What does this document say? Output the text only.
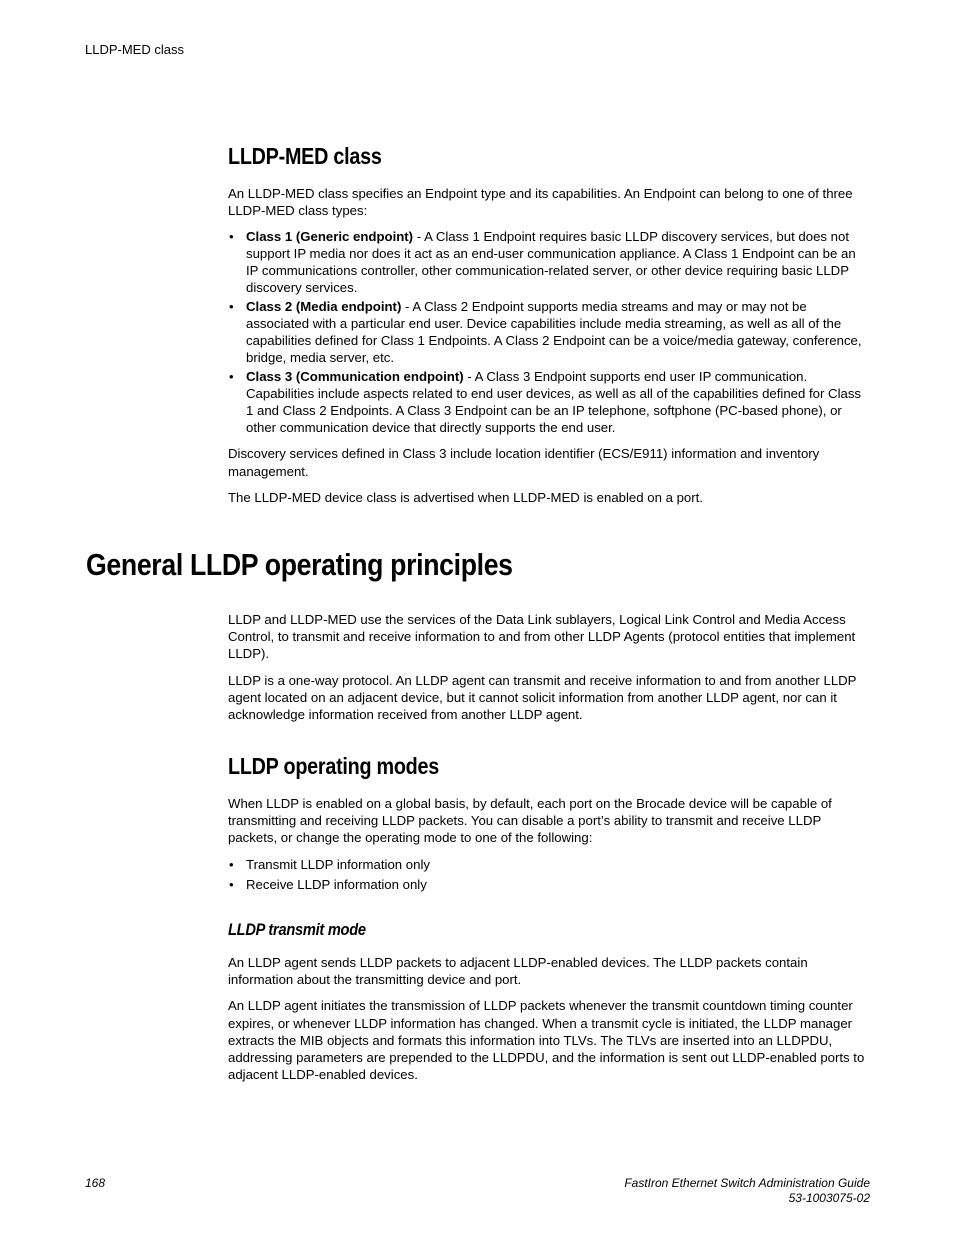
LLDP-MED class
LLDP-MED class

An LLDP-MED class specifies an Endpoint type and its capabilities. An Endpoint can belong to one of three LLDP-MED class types:

• Class 1 (Generic endpoint) - A Class 1 Endpoint requires basic LLDP discovery services, but does not support IP media nor does it act as an end-user communication appliance. A Class 1 Endpoint can be an IP communications controller, other communication-related server, or other device requiring basic LLDP discovery services.
• Class 2 (Media endpoint) - A Class 2 Endpoint supports media streams and may or may not be associated with a particular end user. Device capabilities include media streaming, as well as all of the capabilities defined for Class 1 Endpoints. A Class 2 Endpoint can be a voice/media gateway, conference, bridge, media server, etc.
• Class 3 (Communication endpoint) - A Class 3 Endpoint supports end user IP communication. Capabilities include aspects related to end user devices, as well as all of the capabilities defined for Class 1 and Class 2 Endpoints. A Class 3 Endpoint can be an IP telephone, softphone (PC-based phone), or other communication device that directly supports the end user.

Discovery services defined in Class 3 include location identifier (ECS/E911) information and inventory management.

The LLDP-MED device class is advertised when LLDP-MED is enabled on a port.

General LLDP operating principles

LLDP and LLDP-MED use the services of the Data Link sublayers, Logical Link Control and Media Access Control, to transmit and receive information to and from other LLDP Agents (protocol entities that implement LLDP).

LLDP is a one-way protocol. An LLDP agent can transmit and receive information to and from another LLDP agent located on an adjacent device, but it cannot solicit information from another LLDP agent, nor can it acknowledge information received from another LLDP agent.

LLDP operating modes

When LLDP is enabled on a global basis, by default, each port on the Brocade device will be capable of transmitting and receiving LLDP packets. You can disable a port’s ability to transmit and receive LLDP packets, or change the operating mode to one of the following:

• Transmit LLDP information only
• Receive LLDP information only
LLDP transmit mode

An LLDP agent sends LLDP packets to adjacent LLDP-enabled devices. The LLDP packets contain information about the transmitting device and port.

An LLDP agent initiates the transmission of LLDP packets whenever the transmit countdown timing counter expires, or whenever LLDP information has changed. When a transmit cycle is initiated, the LLDP manager extracts the MIB objects and formats this information into TLVs. The TLVs are inserted into an LLDPDU, addressing parameters are prepended to the LLDPDU, and the information is sent out LLDP-enabled ports to adjacent LLDP-enabled devices.

168	FastIron Ethernet Switch Administration Guide
53-1003075-02
